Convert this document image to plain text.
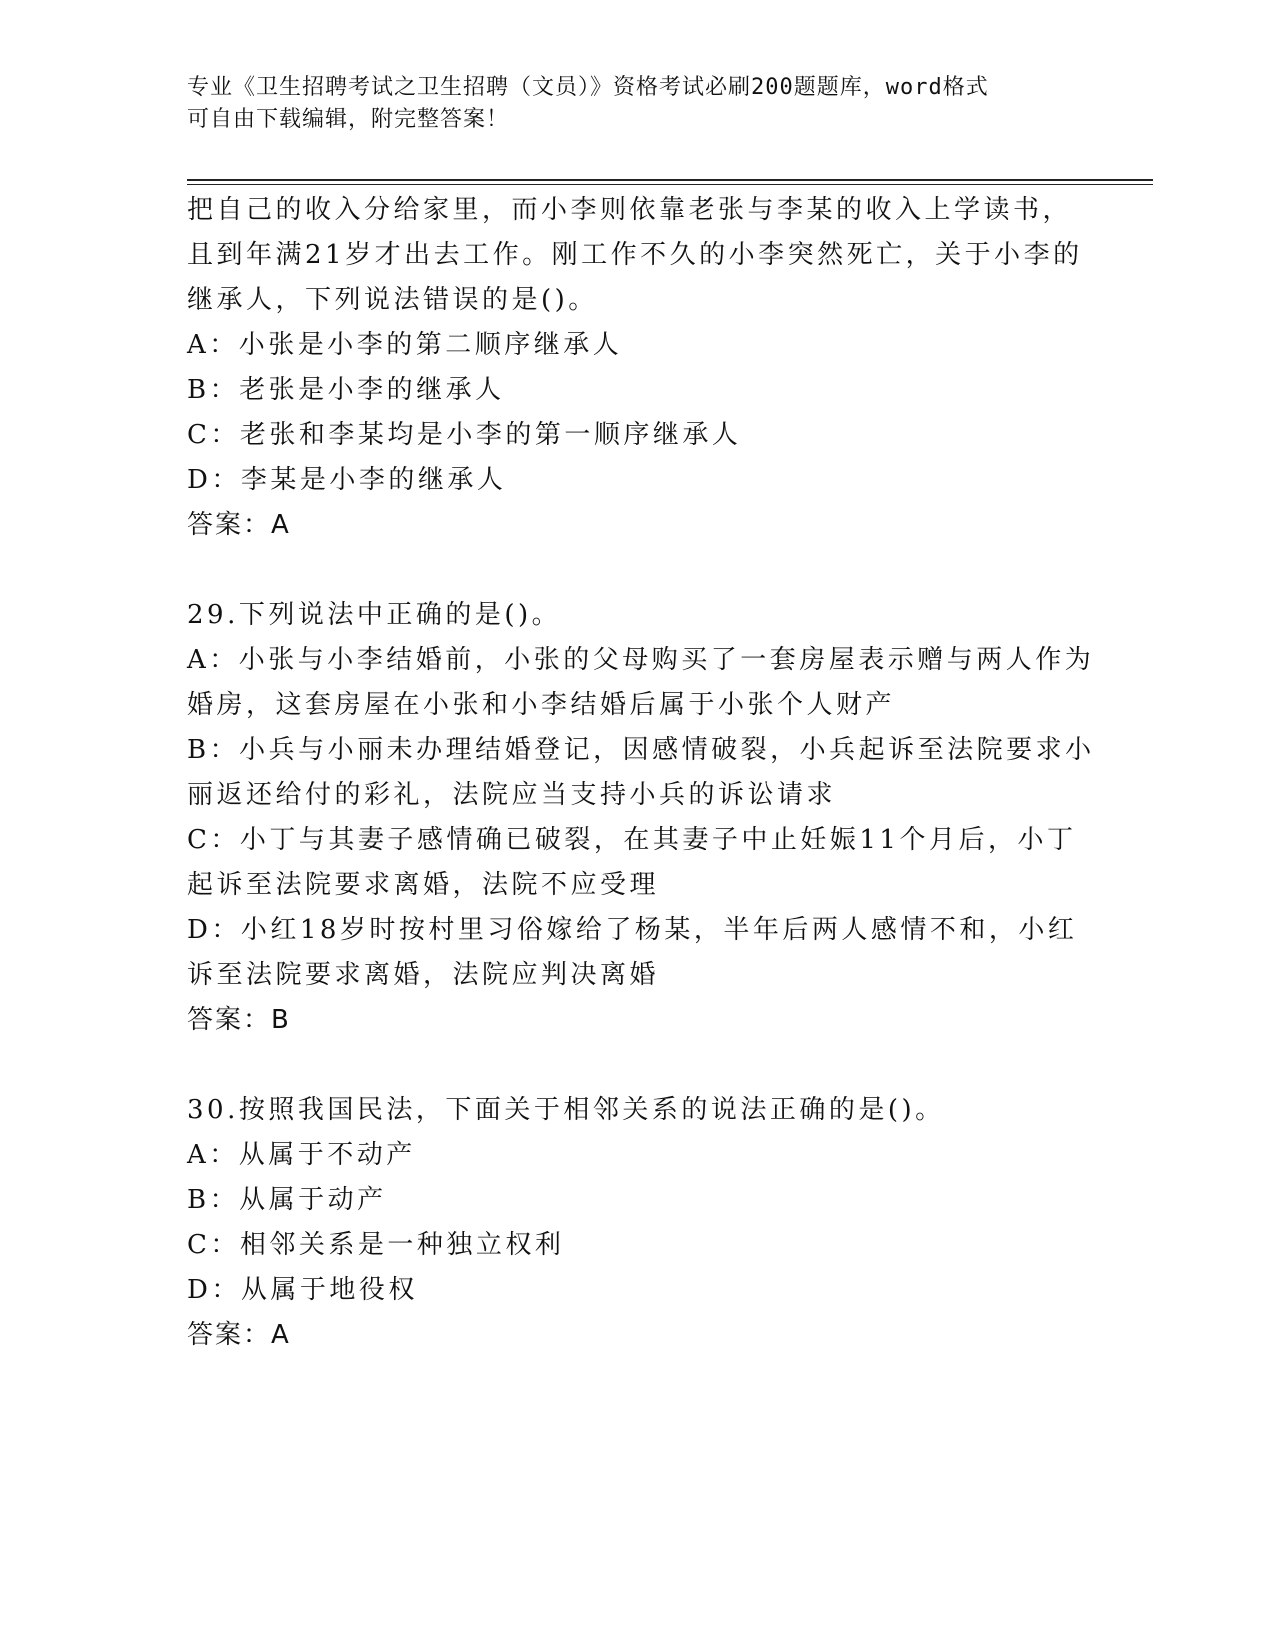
专业《卫生招聘考试之卫生招聘（文员）》资格考试必刷200题题库，word格式
可自由下载编辑，附完整答案！
把自己的收入分给家里，而小李则依靠老张与李某的收入上学读书，
且到年满21岁才出去工作。刚工作不久的小李突然死亡，关于小李的
继承人，下列说法错误的是()。
A：小张是小李的第二顺序继承人
B：老张是小李的继承人
C：老张和李某均是小李的第一顺序继承人
D：李某是小李的继承人
答案：A
29.下列说法中正确的是()。
A：小张与小李结婚前，小张的父母购买了一套房屋表示赠与两人作为
婚房，这套房屋在小张和小李结婚后属于小张个人财产
B：小兵与小丽未办理结婚登记，因感情破裂，小兵起诉至法院要求小
丽返还给付的彩礼，法院应当支持小兵的诉讼请求
C：小丁与其妻子感情确已破裂，在其妻子中止妊娠11个月后，小丁
起诉至法院要求离婚，法院不应受理
D：小红18岁时按村里习俗嫁给了杨某，半年后两人感情不和，小红
诉至法院要求离婚，法院应判决离婚
答案：B
30.按照我国民法，下面关于相邻关系的说法正确的是()。
A：从属于不动产
B：从属于动产
C：相邻关系是一种独立权利
D：从属于地役权
答案：A
